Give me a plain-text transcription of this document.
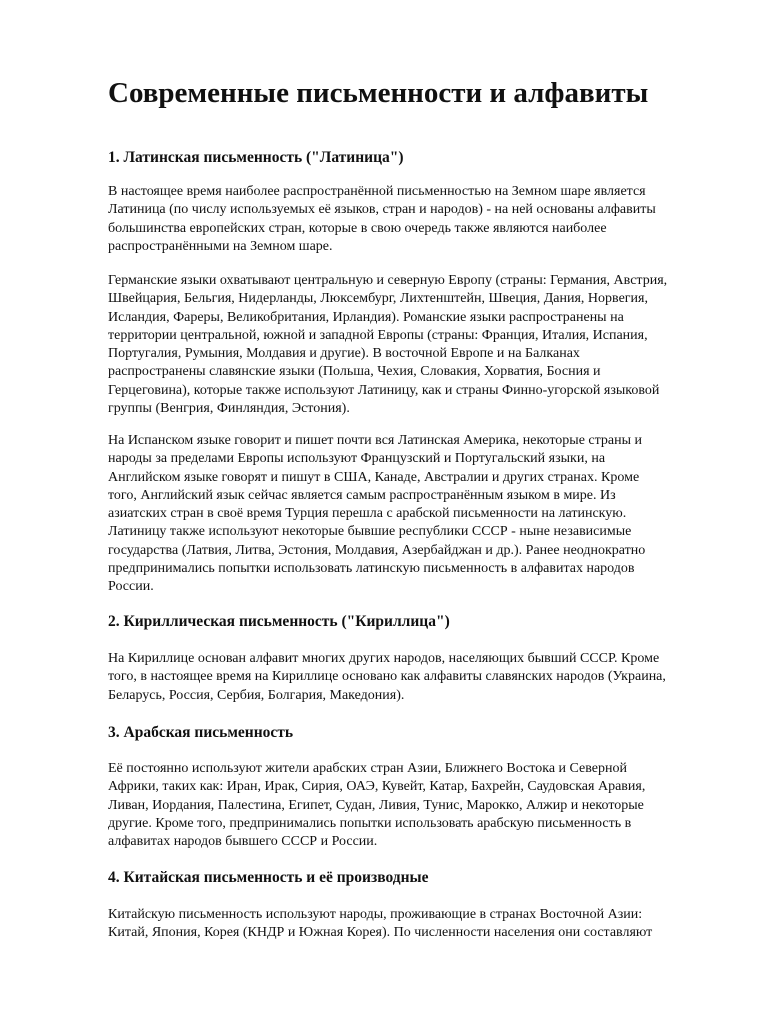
Современные письменности и алфавиты
1. Латинская письменность ("Латиница")

В настоящее время наиболее распространённой письменностью на Земном шаре является
Латиница (по числу используемых её языков, стран и народов) - на ней основаны алфавиты
большинства европейских стран, которые в свою очередь также являются наиболее
распространёнными на Земном шаре.

Германские языки охватывают центральную и северную Европу (страны: Германия, Австрия,
Швейцария, Бельгия, Нидерланды, Люксембург, Лихтенштейн, Швеция, Дания, Норвегия,
Исландия, Фареры, Великобритания, Ирландия). Романские языки распространены на
территории центральной, южной и западной Европы (страны: Франция, Италия, Испания,
Португалия, Румыния, Молдавия и другие). В восточной Европе и на Балканах
распространены славянские языки (Польша, Чехия, Словакия, Хорватия, Босния и
Герцеговина), которые также используют Латиницу, как и страны Финно-угорской языковой
группы (Венгрия, Финляндия, Эстония).

На Испанском языке говорит и пишет почти вся Латинская Америка, некоторые страны и
народы за пределами Европы используют Французский и Португальский языки, на
Английском языке говорят и пишут в США, Канаде, Австралии и других странах. Кроме
того, Английский язык сейчас является самым распространённым языком в мире. Из
азиатских стран в своё время Турция перешла с арабской письменности на латинскую.
Латиницу также используют некоторые бывшие республики СССР - ныне независимые
государства (Латвия, Литва, Эстония, Молдавия, Азербайджан и др.). Ранее неоднократно
предпринимались попытки использовать латинскую письменность в алфавитах народов
России.

2. Кириллическая письменность ("Кириллица")

На Кириллице основан алфавит многих других народов, населяющих бывший СССР. Кроме
того, в настоящее время на Кириллице основано как алфавиты славянских народов (Украина,
Беларусь, Россия, Сербия, Болгария, Македония).

3. Арабская письменность

Её постоянно используют жители арабских стран Азии, Ближнего Востока и Северной
Африки, таких как: Иран, Ирак, Сирия, ОАЭ, Кувейт, Катар, Бахрейн, Саудовская Аравия,
Ливан, Иордания, Палестина, Египет, Судан, Ливия, Тунис, Марокко, Алжир и некоторые
другие. Кроме того, предпринимались попытки использовать арабскую письменность в
алфавитах народов бывшего СССР и России.

4. Китайская письменность и её производные

Китайскую письменность используют народы, проживающие в странах Восточной Азии:
Китай, Япония, Корея (КНДР и Южная Корея). По численности населения они составляют
